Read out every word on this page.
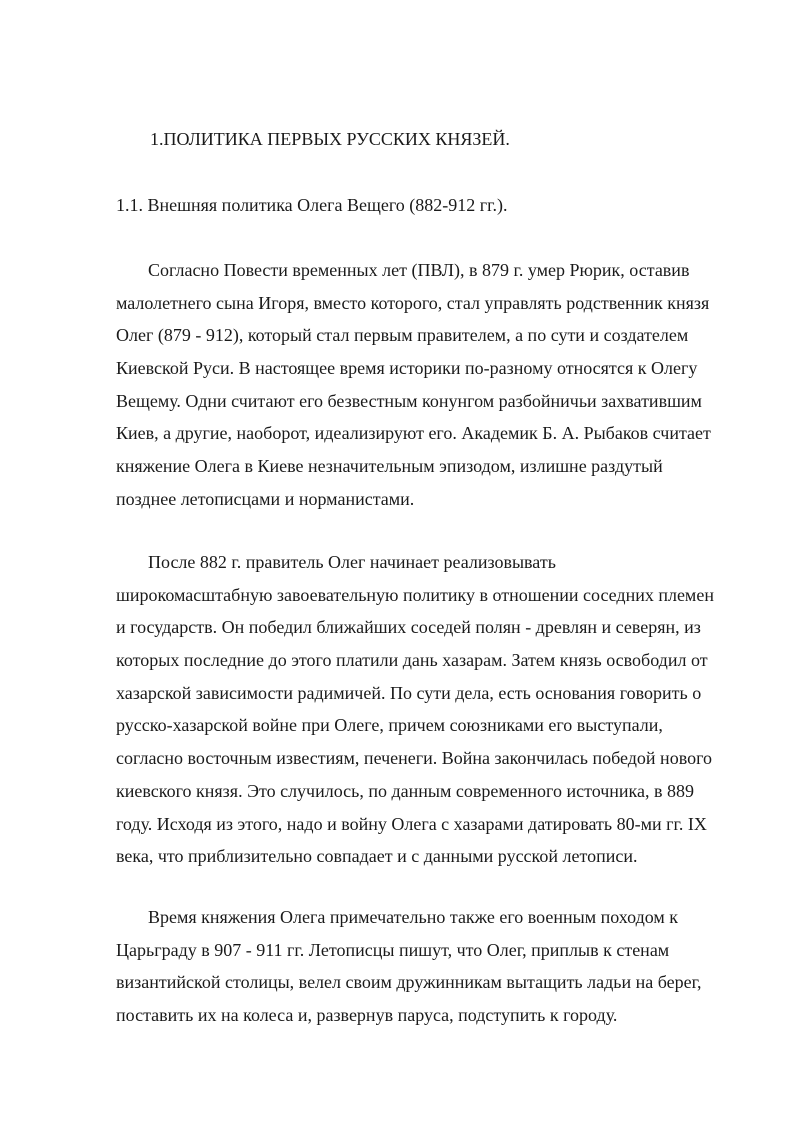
1.ПОЛИТИКА ПЕРВЫХ РУССКИХ КНЯЗЕЙ.
1.1. Внешняя политика Олега Вещего (882-912 гг.).

Согласно Повести временных лет (ПВЛ), в 879 г. умер Рюрик, оставив
малолетнего сына Игоря, вместо которого, стал управлять родственник князя
Олег (879 - 912), который стал первым правителем, а по сути и создателем
Киевской Руси. В настоящее время историки по-разному относятся к Олегу
Вещему. Одни считают его безвестным конунгом разбойничьи захватившим
Киев, а другие, наоборот, идеализируют его. Академик Б. А. Рыбаков считает
княжение Олега в Киеве незначительным эпизодом, излишне раздутый
позднее летописцами и норманистами.

После 882 г. правитель Олег начинает реализовывать
широкомасштабную завоевательную политику в отношении соседних племен
и государств. Он победил ближайших соседей полян - древлян и северян, из
которых последние до этого платили дань хазарам. Затем князь освободил от
хазарской зависимости радимичей. По сути дела, есть основания говорить о
русско-хазарской войне при Олеге, причем союзниками его выступали,
согласно восточным известиям, печенеги. Война закончилась победой нового
киевского князя. Это случилось, по данным современного источника, в 889
году. Исходя из этого, надо и войну Олега с хазарами датировать 80-ми гг. IX
века, что приблизительно совпадает и с данными русской летописи.

Время княжения Олега примечательно также его военным походом к
Царьграду в 907 - 911 гг. Летописцы пишут, что Олег, приплыв к стенам
византийской столицы, велел своим дружинникам вытащить ладьи на берег,
поставить их на колеса и, развернув паруса, подступить к городу.
